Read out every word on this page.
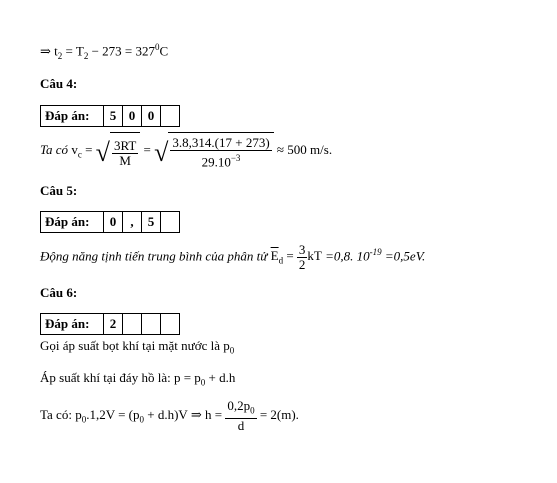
⇒ $t_2 = T_2 - 273 = 327^0C$
Câu 4:
Đáp án:	5	0	0	
Ta có $v_c$ = √ $\frac{3RT}{M}$ = √ $\frac{3.8,314.(17 + 273)}{29.10^{-3}} \approx 500$ m/s.
Câu 5:
Đáp án:	0	,	5	
Động năng tịnh tiến trung bình của phân tử $\overline{E}_d = \frac{3}{2}$ kT =0,8. $10^{-19} =0,5eV$.
Câu 6:
Đáp án:	2			
Gọi áp suất bọt khí tại mặt nước là $p_0$
Áp suất khí tại đáy hồ là: $p = p_0 + d.h$
Ta có: $p_0.1,2V = (p_0 + d.h)V$ ⇒ $h = \frac{0,2p_0}{d} = 2(m)$.
